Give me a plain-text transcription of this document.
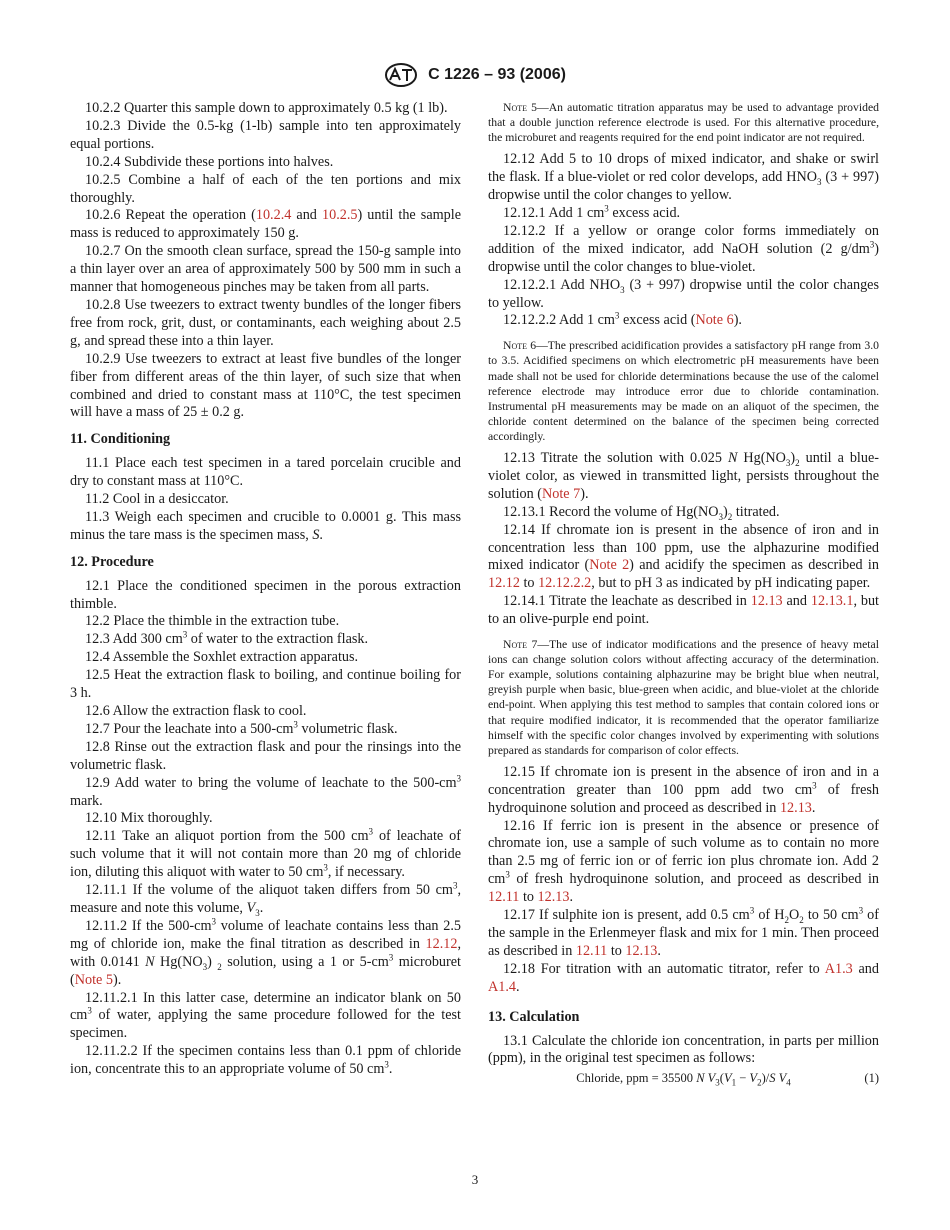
C 1226 – 93 (2006)

10.2.2 Quarter this sample down to approximately 0.5 kg (1 lb).

10.2.3 Divide the 0.5-kg (1-lb) sample into ten approximately equal portions.

10.2.4 Subdivide these portions into halves.

10.2.5 Combine a half of each of the ten portions and mix thoroughly.

10.2.6 Repeat the operation (10.2.4 and 10.2.5) until the sample mass is reduced to approximately 150 g.

10.2.7 On the smooth clean surface, spread the 150-g sample into a thin layer over an area of approximately 500 by 500 mm in such a manner that homogeneous pinches may be taken from all parts.

10.2.8 Use tweezers to extract twenty bundles of the longer fibers free from rock, grit, dust, or contaminants, each weighing about 2.5 g, and spread these into a thin layer.

10.2.9 Use tweezers to extract at least five bundles of the longer fiber from different areas of the thin layer, of such size that when combined and dried to constant mass at 110°C, the test specimen will have a mass of 25 ± 0.2 g.

11. Conditioning

11.1 Place each test specimen in a tared porcelain crucible and dry to constant mass at 110°C.

11.2 Cool in a desiccator.

11.3 Weigh each specimen and crucible to 0.0001 g. This mass minus the tare mass is the specimen mass, S.

12. Procedure

12.1 Place the conditioned specimen in the porous extraction thimble.

12.2 Place the thimble in the extraction tube.

12.3 Add 300 $cm^3$ of water to the extraction flask.

12.4 Assemble the Soxhlet extraction apparatus.

12.5 Heat the extraction flask to boiling, and continue boiling for 3 h.

12.6 Allow the extraction flask to cool.

12.7 Pour the leachate into a $500-cm^3$ volumetric flask.

12.8 Rinse out the extraction flask and pour the rinsings into the volumetric flask.

12.9 Add water to bring the volume of leachate to the $500-cm^3$ mark.

12.10 Mix thoroughly.

12.11 Take an aliquot portion from the 500 $cm^3$ of leachate of such volume that it will not contain more than 20 mg of chloride ion, diluting this aliquot with water to 50 $cm^3$, if necessary.

12.11.1 If the volume of the aliquot taken differs from 50 $cm^3$, measure and note this volume, $V_3$.

12.11.2 If the $500-cm^3$ volume of leachate contains less than 2.5 mg of chloride ion, make the final titration as described in 12.12, with 0.0141 N $Hg(NO_3)$ $_2$ solution, using a 1 or $5-cm^3$ microburet (Note 5).

12.11.2.1 In this latter case, determine an indicator blank on 50 $cm^3$ of water, applying the same procedure followed for the test specimen.

12.11.2.2 If the specimen contains less than 0.1 ppm of chloride ion, concentrate this to an appropriate volume of 50 $cm^3$.

Note 5—An automatic titration apparatus may be used to advantage provided that a double junction reference electrode is used. For this alternative procedure, the microburet and reagents required for the end point indicator are not required.

12.12 Add 5 to 10 drops of mixed indicator, and shake or swirl the flask. If a blue-violet or red color develops, add $HNO_3$ (3 + 997) dropwise until the color changes to yellow.

12.12.1 Add 1 $cm^3$ excess acid.

12.12.2 If a yellow or orange color forms immediately on addition of the mixed indicator, add NaOH solution (2 $g/dm^3$) dropwise until the color changes to blue-violet.

12.12.2.1 Add $NHO_3$ (3 + 997) dropwise until the color changes to yellow.

12.12.2.2 Add 1 $cm^3$ excess acid (Note 6).

Note 6—The prescribed acidification provides a satisfactory pH range from 3.0 to 3.5. Acidified specimens on which electrometric pH measurements have been made shall not be used for chloride determinations because the use of the calomel reference electrode may introduce error due to chloride contamination. Instrumental pH measurements may be made on an aliquot of the specimen, the chloride content determined on the balance of the specimen being corrected accordingly.

12.13 Titrate the solution with 0.025 N $Hg(NO_3)_2$ until a blue-violet color, as viewed in transmitted light, persists throughout the solution (Note 7).

12.13.1 Record the volume of $Hg(NO_3)_2$ titrated.

12.14 If chromate ion is present in the absence of iron and in concentration less than 100 ppm, use the alphazurine modified mixed indicator (Note 2) and acidify the specimen as described in 12.12 to 12.12.2.2, but to pH 3 as indicated by pH indicating paper.

12.14.1 Titrate the leachate as described in 12.13 and 12.13.1, but to an olive-purple end point.

Note 7—The use of indicator modifications and the presence of heavy metal ions can change solution colors without affecting accuracy of the determination. For example, solutions containing alphazurine may be bright blue when neutral, greyish purple when basic, blue-green when acidic, and blue-violet at the chloride end-point. When applying this test method to samples that contain colored ions or that require modified indicator, it is recommended that the operator familiarize himself with the specific color changes involved by experimenting with solutions prepared as standards for comparison of color effects.

12.15 If chromate ion is present in the absence of iron and in a concentration greater than 100 ppm add two $cm^3$ of fresh hydroquinone solution and proceed as described in 12.13.

12.16 If ferric ion is present in the absence or presence of chromate ion, use a sample of such volume as to contain no more than 2.5 mg of ferric ion or of ferric ion plus chromate ion. Add 2 $cm^3$ of fresh hydroquinone solution, and proceed as described in 12.11 to 12.13.

12.17 If sulphite ion is present, add 0.5 $cm^3$ of $H_2O_2$ to 50 $cm^3$ of the sample in the Erlenmeyer flask and mix for 1 min. Then proceed as described in 12.11 to 12.13.

12.18 For titration with an automatic titrator, refer to A1.3 and A1.4.

13. Calculation

13.1 Calculate the chloride ion concentration, in parts per million (ppm), in the original test specimen as follows:

Chloride, ppm = 35500 N $V_3(V_1 - V_2)/S$ $V_4$	(1)
3
